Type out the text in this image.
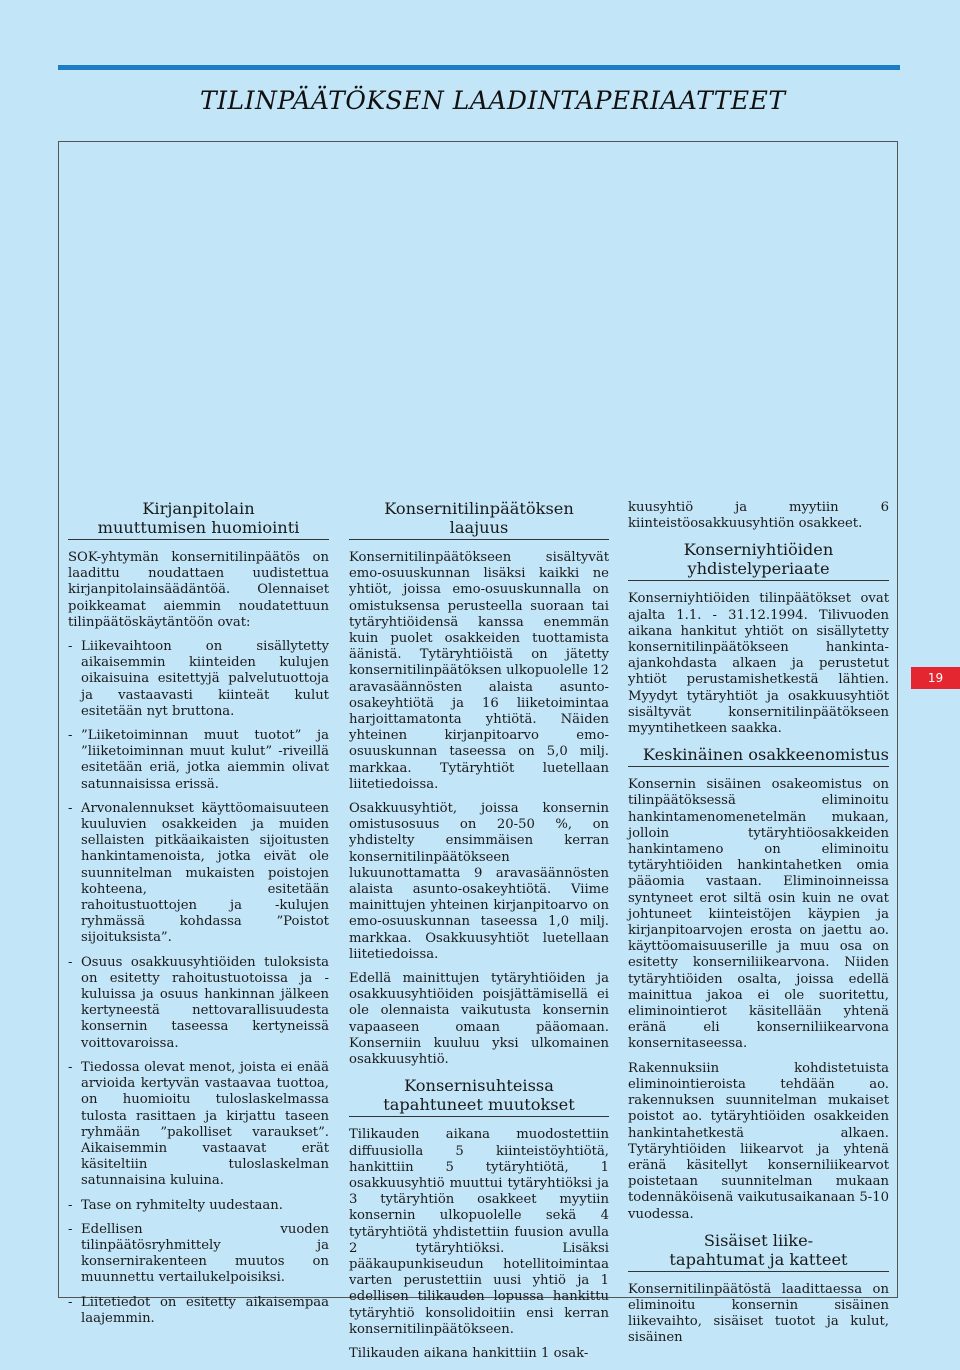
TILINPÄÄTÖKSEN LAADINTAPERIAATTEET
Kirjanpitolain
muuttumisen huomiointi

SOK-yhtymän konsernitilinpäätös on laadittu noudattaen uudistettua kirjanpitolainsäädäntöä. Olennaiset poikkeamat aiemmin noudatettuun tilinpäätöskäytäntöön ovat:

- Liikevaihtoon on sisällytetty aikaisemmin kiinteiden kulujen oikaisuina esitettyjä palvelutuottoja ja vastaavasti kiinteät kulut esitetään nyt bruttona.
- ”Liiketoiminnan muut tuotot” ja ”liiketoiminnan muut kulut” -riveillä esitetään eriä, jotka aiemmin olivat satunnaisissa erissä.
- Arvonalennukset käyttöomaisuuteen kuuluvien osakkeiden ja muiden sellaisten pitkäaikaisten sijoitusten hankintamenoista, jotka eivät ole suunnitelman mukaisten poistojen kohteena, esitetään rahoitustuottojen ja -kulujen ryhmässä kohdassa ”Poistot sijoituksista”.
- Osuus osakkuusyhtiöiden tuloksista on esitetty rahoitustuotoissa ja -kuluissa ja osuus hankinnan jälkeen kertyneestä nettovarallisuudesta konsernin taseessa kertyneissä voittovaroissa.
- Tiedossa olevat menot, joista ei enää arvioida kertyvän vastaavaa tuottoa, on huomioitu tuloslaskelmassa tulosta rasittaen ja kirjattu taseen ryhmään ”pakolliset varaukset”. Aikaisemmin vastaavat erät käsiteltiin tuloslaskelman satunnaisina kuluina.
- Tase on ryhmitelty uudestaan.
- Edellisen vuoden tilinpäätösryhmittely ja konsernirakenteen muutos on muunnettu vertailukelpoisiksi.
- Liitetiedot on esitetty aikaisempaa laajemmin.
Konsernitilinpäätöksen
laajuus

Konsernitilinpäätökseen sisältyvät emo-osuuskunnan lisäksi kaikki ne yhtiöt, joissa emo-osuuskunnalla on omistuksensa perusteella suoraan tai tytäryhtiöidensä kanssa enemmän kuin puolet osakkeiden tuottamista äänistä. Tytäryhtiöistä on jätetty konsernitilinpäätöksen ulkopuolelle 12 aravasäännösten alaista asunto-osakeyhtiötä ja 16 liiketoimintaa harjoittamatonta yhtiötä. Näiden yhteinen kirjanpitoarvo emo-osuuskunnan taseessa on 5,0 milj. markkaa. Tytäryhtiöt luetellaan liitetiedoissa.

Osakkuusyhtiöt, joissa konsernin omistusosuus on 20-50 %, on yhdistelty ensimmäisen kerran konsernitilinpäätökseen lukuunottamatta 9 aravasäännösten alaista asunto-osakeyhtiötä. Viime mainittujen yhteinen kirjanpitoarvo on emo-osuuskunnan taseessa 1,0 milj. markkaa. Osakkuusyhtiöt luetellaan liitetiedoissa.

Edellä mainittujen tytäryhtiöiden ja osakkuusyhtiöiden poisjättämisellä ei ole olennaista vaikutusta konsernin vapaaseen omaan pääomaan. Konserniin kuuluu yksi ulkomainen osakkuusyhtiö.

Konsernisuhteissa
tapahtuneet muutokset

Tilikauden aikana muodostettiin diffuusiolla 5 kiinteistöyhtiötä, hankittiin 5 tytäryhtiötä, 1 osakkuusyhtiö muuttui tytäryhtiöksi ja 3 tytäryhtiön osakkeet myytiin konsernin ulkopuolelle sekä 4 tytäryhtiötä yhdistettiin fuusion avulla 2 tytäryhtiöksi. Lisäksi pääkaupunkiseudun hotellitoimintaa varten perustettiin uusi yhtiö ja 1 edellisen tilikauden lopussa hankittu tytäryhtiö konsolidoitiin ensi kerran konsernitilinpäätökseen.

Tilikauden aikana hankittiin 1 osak-

kuusyhtiö ja myytiin 6 kiinteistöosakkuusyhtiön osakkeet.

Konserniyhtiöiden
yhdistelyperiaate

Konserniyhtiöiden tilinpäätökset ovat ajalta 1.1. - 31.12.1994. Tilivuoden aikana hankitut yhtiöt on sisällytetty konsernitilinpäätökseen hankinta-ajankohdasta alkaen ja perustetut yhtiöt perustamishetkestä lähtien. Myydyt tytäryhtiöt ja osakkuusyhtiöt sisältyvät konsernitilinpäätökseen myyntihetkeen saakka.

Keskinäinen osakkeenomistus

Konsernin sisäinen osakeomistus on tilinpäätöksessä eliminoitu hankintamenomenetelmän mukaan, jolloin tytäryhtiöosakkeiden hankintameno on eliminoitu tytäryhtiöiden hankintahetken omia pääomia vastaan. Eliminoinneissa syntyneet erot siltä osin kuin ne ovat johtuneet kiinteistöjen käypien ja kirjanpitoarvojen erosta on jaettu ao. käyttöomaisuuserille ja muu osa on esitetty konserniliikearvona. Niiden tytäryhtiöiden osalta, joissa edellä mainittua jakoa ei ole suoritettu, eliminointierot käsitellään yhtenä eränä eli konserniliikearvona konsernitaseessa.

Rakennuksiin kohdistetuista eliminointieroista tehdään ao. rakennuksen suunnitelman mukaiset poistot ao. tytäryhtiöiden osakkeiden hankintahetkestä alkaen. Tytäryhtiöiden liikearvot ja yhtenä eränä käsitellyt konserniliikearvot poistetaan suunnitelman mukaan todennäköisenä vaikutusaikanaan 5-10 vuodessa.

Sisäiset liike-
tapahtumat ja katteet

Konsernitilinpäätöstä laadittaessa on eliminoitu konsernin sisäinen liikevaihto, sisäiset tuotot ja kulut, sisäinen

19
